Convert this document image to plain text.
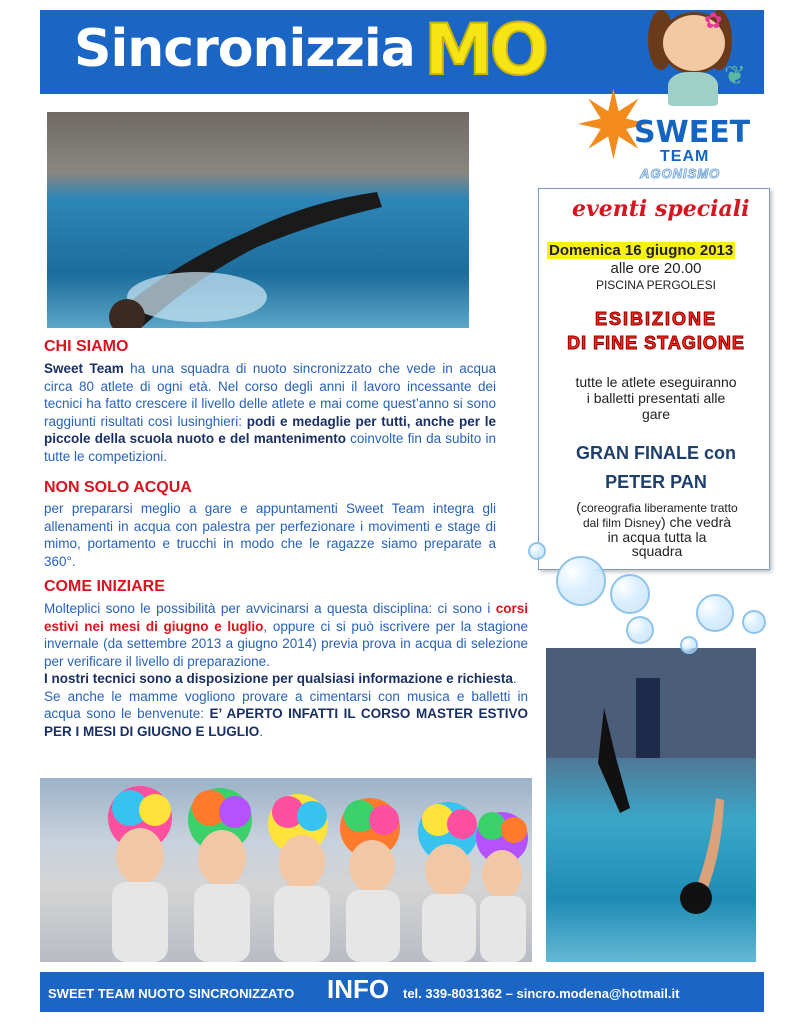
Sincronizzia MO	✿
❦
✷
SWEET
TEAM
AGONISMO
eventi speciali
Domenica 16 giugno 2013
alle ore 20.00
PISCINA PERGOLESI
ESIBIZIONE
DI FINE STAGIONE
tutte le atlete eseguiranno
i balletti presentati alle
gare
GRAN FINALE con
PETER PAN
(coreografia liberamente tratto
dal film Disney) che vedrà
in acqua tutta la
squadra
CHI SIAMO
Sweet Team ha una squadra di nuoto sincronizzato che vede in acqua circa 80 atlete di ogni età. Nel corso degli anni il lavoro incessante dei tecnici ha fatto crescere il livello delle atlete e mai come quest’anno si sono raggiunti risultati così lusinghieri: podi e medaglie per tutti, anche per le piccole della scuola nuoto e del mantenimento coinvolte fin da subito in tutte le competizioni.
NON SOLO ACQUA
per prepararsi meglio a gare e appuntamenti Sweet Team integra gli allenamenti in acqua con palestra per perfezionare i movimenti e stage di mimo, portamento e trucchi in modo che le ragazze siamo preparate a 360°.
COME INIZIARE
Molteplici sono le possibilità per avvicinarsi a questa disciplina: ci sono i corsi estivi nei mesi di giugno e luglio, oppure ci si può iscrivere per la stagione invernale (da settembre 2013 a giugno 2014) previa prova in acqua di selezione per verificare il livello di preparazione.
I nostri tecnici sono a disposizione per qualsiasi informazione e richiesta.
Se anche le mamme vogliono provare a cimentarsi con musica e balletti in acqua sono le benvenute: E’ APERTO INFATTI IL CORSO MASTER ESTIVO PER I MESI DI GIUGNO E LUGLIO.
SWEET TEAM NUOTO SINCRONIZZATO INFO tel. 339-8031362 – sincro.modena@hotmail.it
